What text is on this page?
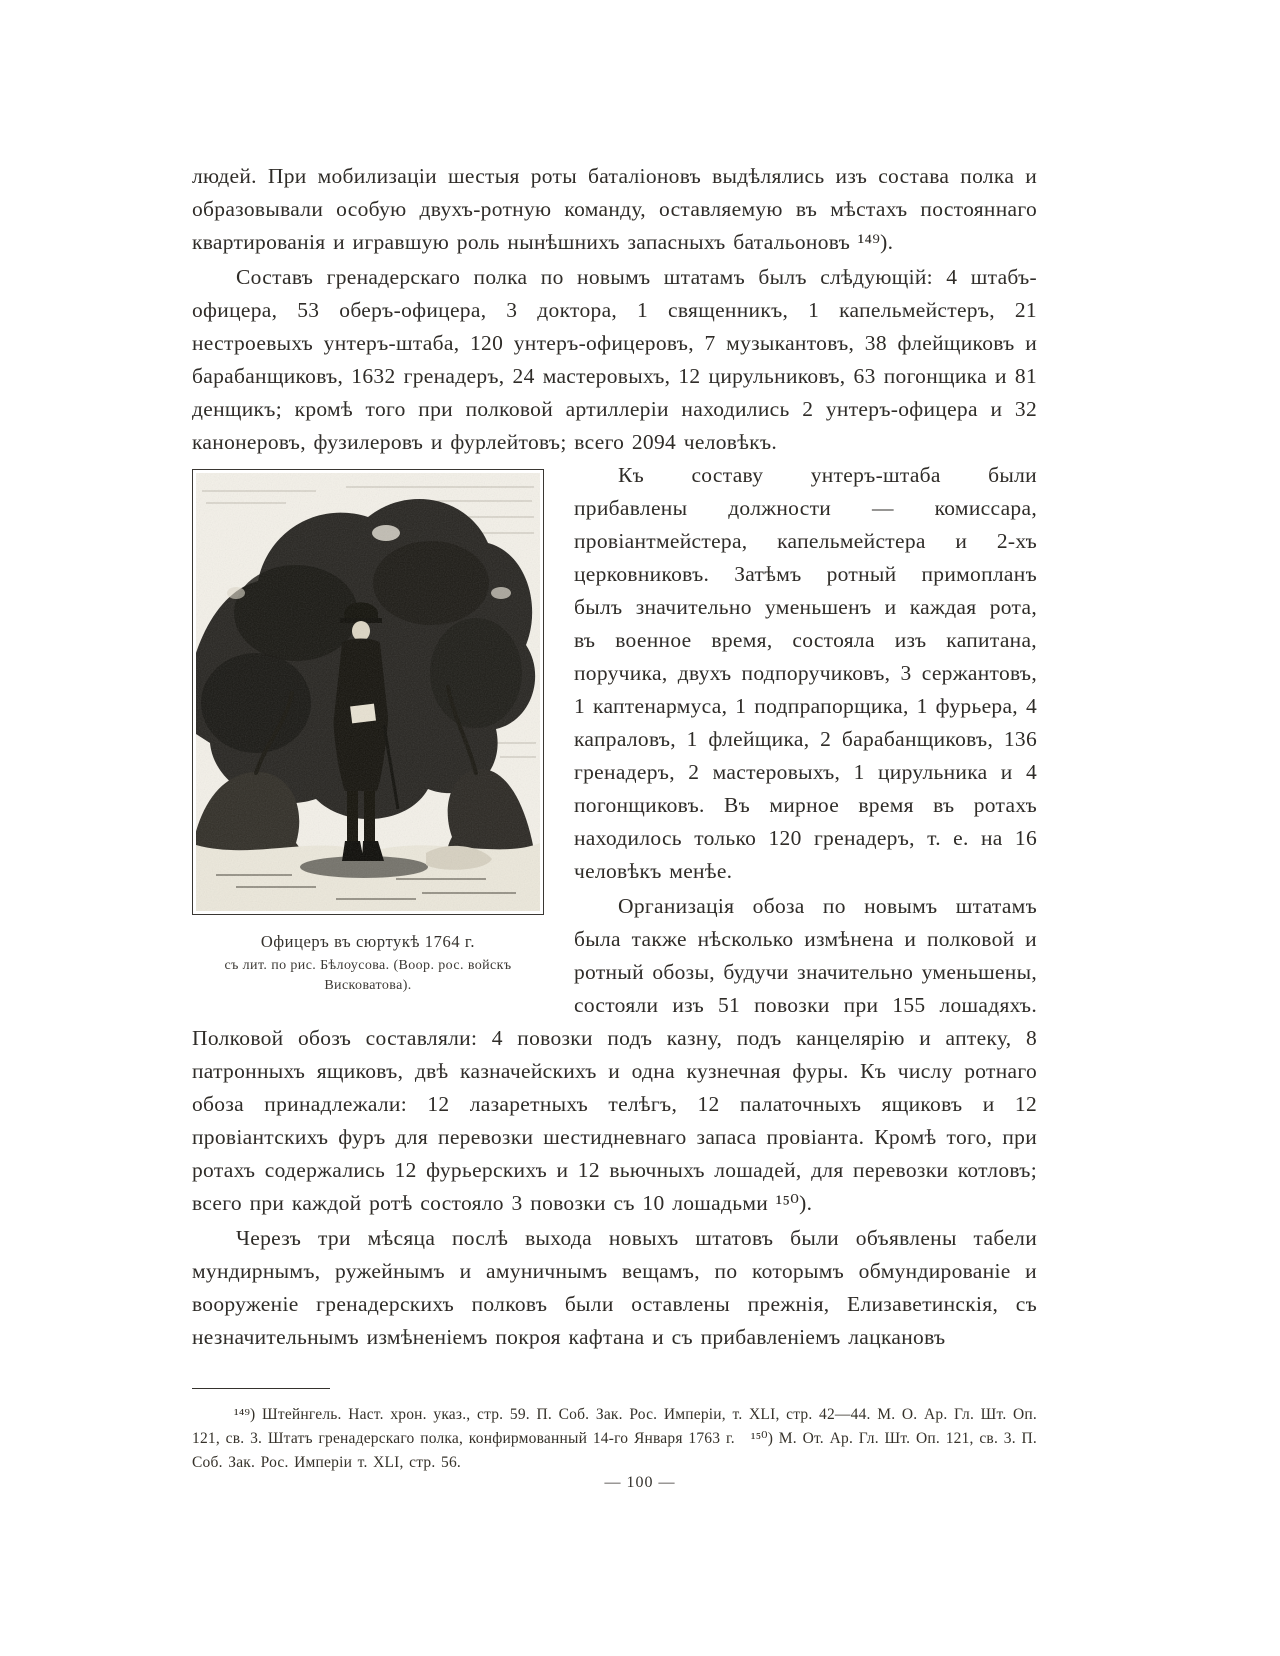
людей. При мобилизаціи шестыя роты баталіоновъ выдѣлялись изъ состава полка и образовывали особую двухъ-ротную команду, оставляемую въ мѣстахъ постояннаго квартированія и игравшую роль нынѣшнихъ запасныхъ батальоновъ ¹⁴⁹).

Составъ гренадерскаго полка по новымъ штатамъ былъ слѣдующій: 4 штабъ-офицера, 53 оберъ-офицера, 3 доктора, 1 священникъ, 1 капельмейстеръ, 21 нестроевыхъ унтеръ-штаба, 120 унтеръ-офицеровъ, 7 музыкантовъ, 38 флейщиковъ и барабанщиковъ, 1632 гренадеръ, 24 мастеровыхъ, 12 цирульниковъ, 63 погонщика и 81 денщикъ; кромѣ того при полковой артиллеріи находились 2 унтеръ-офицера и 32 канонеровъ, фузилеровъ и фурлейтовъ; всего 2094 человѣкъ.

Офицеръ въ сюртукѣ 1764 г.
съ лит. по рис. Бѣлоусова. (Воор. рос. войскъ Висковатова).

Къ составу унтеръ-штаба были прибавлены должности — комиссара, провіантмейстера, капельмейстера и 2-хъ церковниковъ. Затѣмъ ротный примопланъ былъ значительно уменьшенъ и каждая рота, въ военное время, состояла изъ капитана, поручика, двухъ подпоручиковъ, 3 сержантовъ, 1 каптенармуса, 1 подпрапорщика, 1 фурьера, 4 капраловъ, 1 флейщика, 2 барабанщиковъ, 136 гренадеръ, 2 мастеровыхъ, 1 цирульника и 4 погонщиковъ. Въ мирное время въ ротахъ находилось только 120 гренадеръ, т. е. на 16 человѣкъ менѣе.

Организація обоза по новымъ штатамъ была также нѣсколько измѣнена и полковой и ротный обозы, будучи значительно уменьшены, состояли изъ 51 повозки при 155 лошадяхъ. Полковой обозъ составляли: 4 повозки подъ казну, подъ канцелярію и аптеку, 8 патронныхъ ящиковъ, двѣ казначейскихъ и одна кузнечная фуры. Къ числу ротнаго обоза принадлежали: 12 лазаретныхъ телѣгъ, 12 палаточныхъ ящиковъ и 12 провіантскихъ фуръ для перевозки шестидневнаго запаса провіанта. Кромѣ того, при ротахъ содержались 12 фурьерскихъ и 12 вьючныхъ лошадей, для перевозки котловъ; всего при каждой ротѣ состояло 3 повозки съ 10 лошадьми ¹⁵⁰).

Черезъ три мѣсяца послѣ выхода новыхъ штатовъ были объявлены табели мундирнымъ, ружейнымъ и амуничнымъ вещамъ, по которымъ обмундированіе и вооруженіе гренадерскихъ полковъ были оставлены прежнія, Елизаветинскія, съ незначительнымъ измѣненіемъ покроя кафтана и съ прибавленіемъ лацкановъ

¹⁴⁹) Штейнгель. Наст. хрон. указ., стр. 59. П. Соб. Зак. Рос. Имперіи, т. XLI, стр. 42—44. М. О. Ар. Гл. Шт. Оп. 121, св. 3. Штатъ гренадерскаго полка, конфирмованный 14-го Января 1763 г. ¹⁵⁰) М. От. Ар. Гл. Шт. Оп. 121, св. 3. П. Соб. Зак. Рос. Имперіи т. XLI, стр. 56.

— 100 —
